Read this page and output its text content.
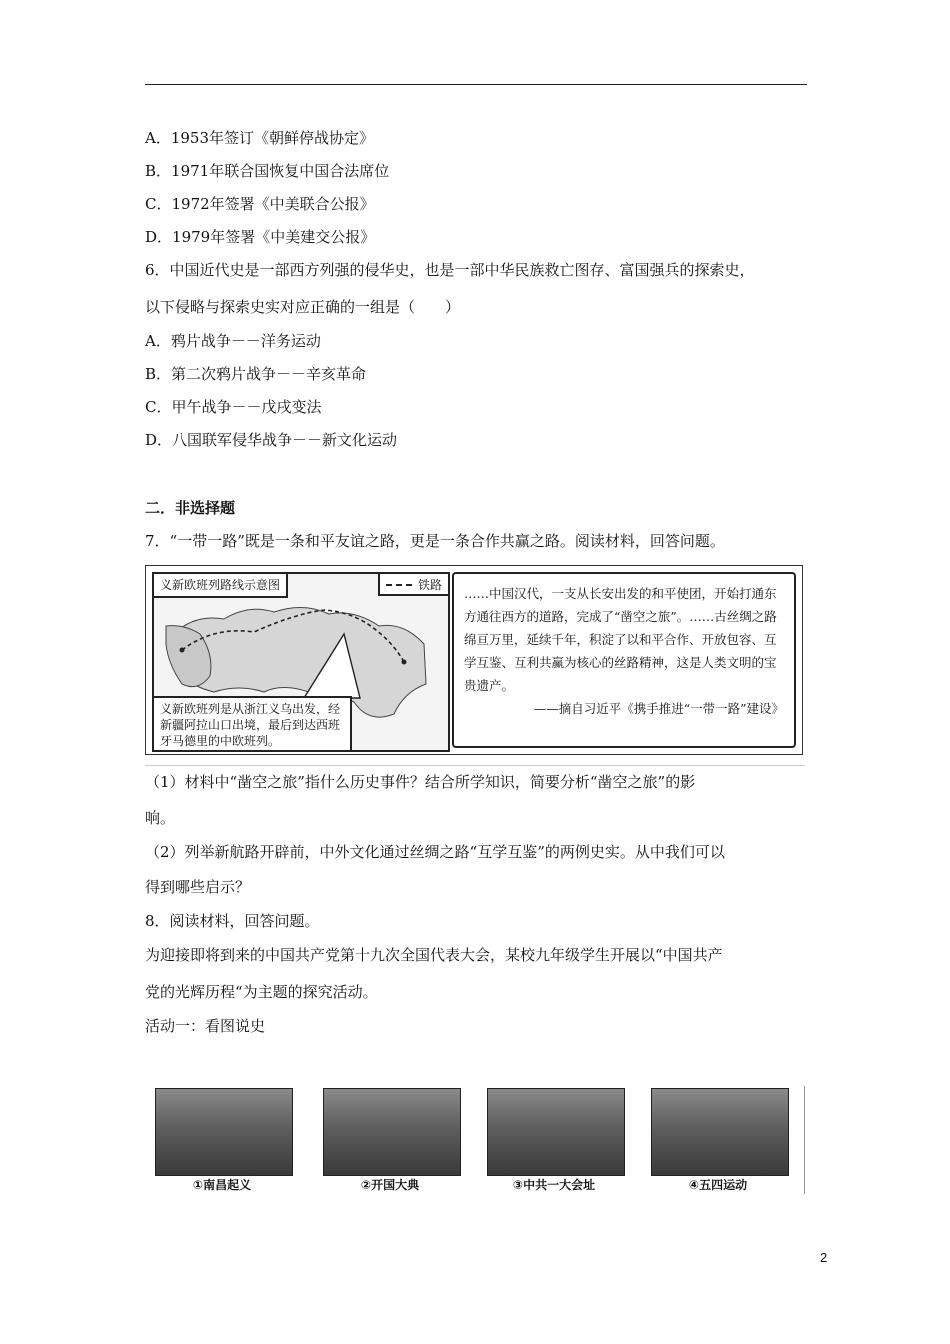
A．1953年签订《朝鲜停战协定》
B．1971年联合国恢复中国合法席位
C．1972年签署《中美联合公报》
D．1979年签署《中美建交公报》
6．中国近代史是一部西方列强的侵华史，也是一部中华民族救亡图存、富国强兵的探索史，
以下侵略与探索史实对应正确的一组是（　　）
A．鸦片战争－－洋务运动
B．第二次鸦片战争－－辛亥革命
C．甲午战争－－戊戌变法
D．八国联军侵华战争－－新文化运动
二．非选择题
7．“一带一路”既是一条和平友谊之路，更是一条合作共赢之路。阅读材料，回答问题。
义新欧班列路线示意图	铁路
义新欧班列是从浙江义乌出发，经新疆阿拉山口出境，最后到达西班牙马德里的中欧班列。
……中国汉代，一支从长安出发的和平使团，开始打通东方通往西方的道路，完成了“凿空之旅”。……古丝绸之路绵亘万里，延续千年，积淀了以和平合作、开放包容、互学互鉴、互利共赢为核心的丝路精神，这是人类文明的宝贵遗产。
——摘自习近平《携手推进“一带一路”建设》
（1）材料中“凿空之旅”指什么历史事件？结合所学知识，简要分析“凿空之旅”的影
响。
（2）列举新航路开辟前，中外文化通过丝绸之路“互学互鉴”的两例史实。从中我们可以
得到哪些启示？
8．阅读材料，回答问题。
为迎接即将到来的中国共产党第十九次全国代表大会，某校九年级学生开展以“中国共产
党的光辉历程“为主题的探究活动。
活动一：看图说史
①南昌起义	②开国大典	③中共一大会址	④五四运动
2
